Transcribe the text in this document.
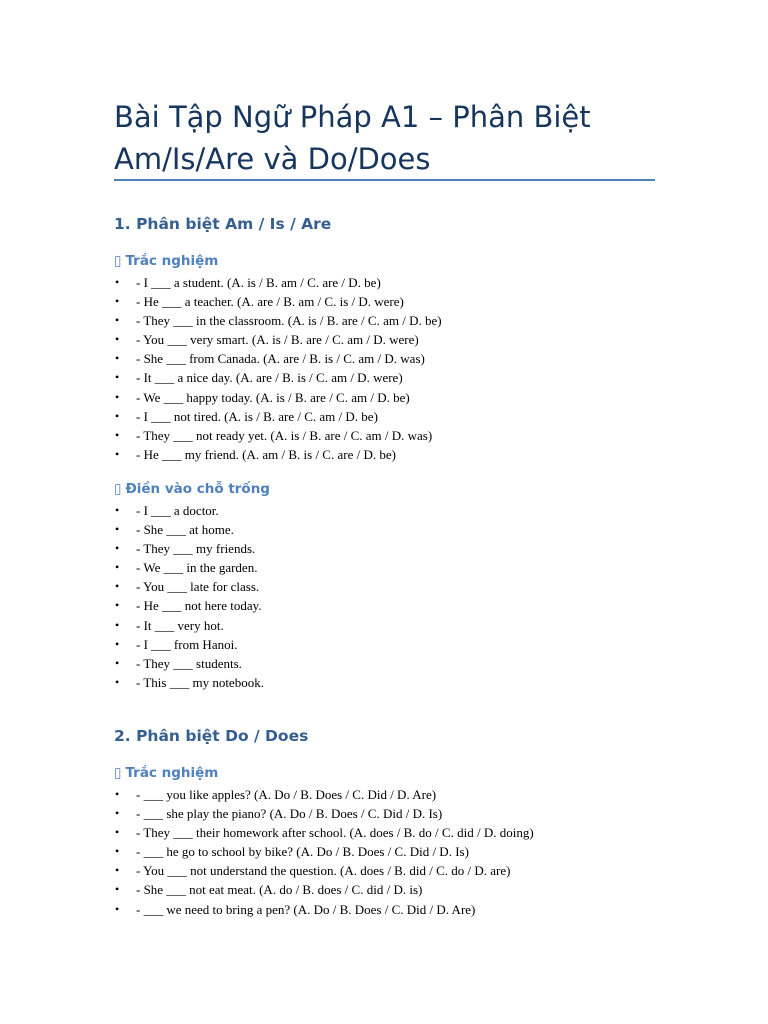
Bài Tập Ngữ Pháp A1 – Phân Biệt Am/Is/Are và Do/Does
1. Phân biệt Am / Is / Are
▯ Trắc nghiệm
• - I ___ a student. (A. is / B. am / C. are / D. be)
• - He ___ a teacher. (A. are / B. am / C. is / D. were)
• - They ___ in the classroom. (A. is / B. are / C. am / D. be)
• - You ___ very smart. (A. is / B. are / C. am / D. were)
• - She ___ from Canada. (A. are / B. is / C. am / D. was)
• - It ___ a nice day. (A. are / B. is / C. am / D. were)
• - We ___ happy today. (A. is / B. are / C. am / D. be)
• - I ___ not tired. (A. is / B. are / C. am / D. be)
• - They ___ not ready yet. (A. is / B. are / C. am / D. was)
• - He ___ my friend. (A. am / B. is / C. are / D. be)
▯ Điền vào chỗ trống
• - I ___ a doctor.
• - She ___ at home.
• - They ___ my friends.
• - We ___ in the garden.
• - You ___ late for class.
• - He ___ not here today.
• - It ___ very hot.
• - I ___ from Hanoi.
• - They ___ students.
• - This ___ my notebook.
2. Phân biệt Do / Does
▯ Trắc nghiệm
• - ___ you like apples? (A. Do / B. Does / C. Did / D. Are)
• - ___ she play the piano? (A. Do / B. Does / C. Did / D. Is)
• - They ___ their homework after school. (A. does / B. do / C. did / D. doing)
• - ___ he go to school by bike? (A. Do / B. Does / C. Did / D. Is)
• - You ___ not understand the question. (A. does / B. did / C. do / D. are)
• - She ___ not eat meat. (A. do / B. does / C. did / D. is)
• - ___ we need to bring a pen? (A. Do / B. Does / C. Did / D. Are)
